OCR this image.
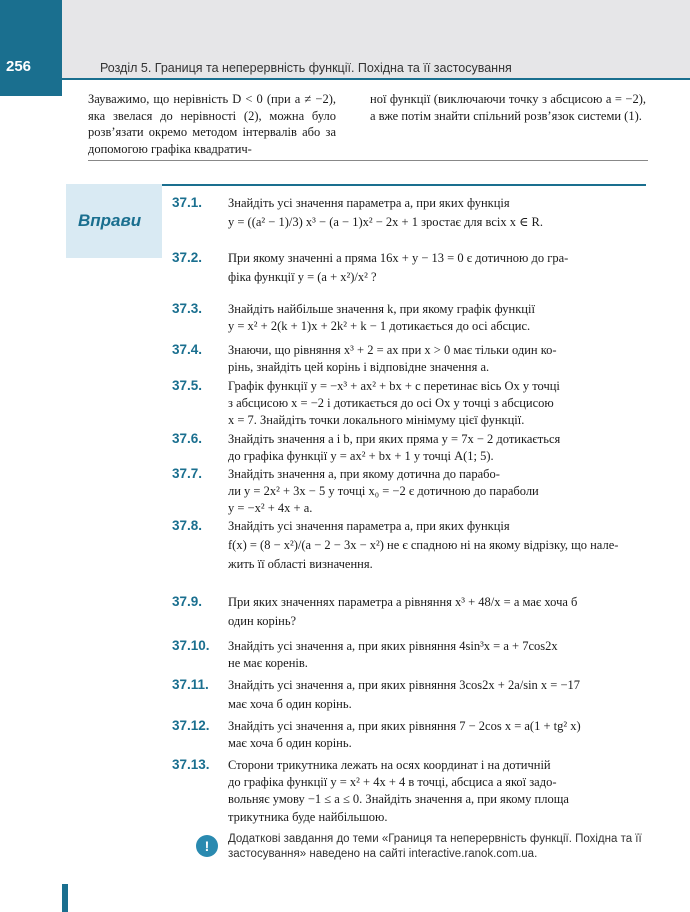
256	Розділ 5. Границя та неперервність функції. Похідна та її застосування

Зауважимо, що нерівність D < 0 (при a ≠ −2), яка звелася до нерівності (2), можна було розв’язати окремо методом інтервалів або за допомогою графіка квадратич-

ної функції (виключаючи точку з абсцисою a = −2), а вже потім знайти спільний розв’язок системи (1).

Вправи
37.1.	Знайдіть усі значення параметра a, при яких функція

y = ((a² − 1)/3) x³ − (a − 1)x² − 2x + 1 зростає для всіх x ∈ R.

37.2.	При якому значенні a пряма 16x + y − 13 = 0 є дотичною до гра-

фіка функції y = (a + x²)/x² ?

37.3.	Знайдіть найбільше значення k, при якому графік функції

y = x² + 2(k + 1)x + 2k² + k − 1 дотикається до осі абсцис.

37.4.	Знаючи, що рівняння x³ + 2 = ax при x > 0 має тільки один ко-

рінь, знайдіть цей корінь і відповідне значення a.

37.5.	Графік функції y = −x³ + ax² + bx + c перетинає вісь Ox у точці

з абсцисою x = −2 і дотикається до осі Ox у точці з абсцисою

x = 7. Знайдіть точки локального мінімуму цієї функції.

37.6.	Знайдіть значення a і b, при яких пряма y = 7x − 2 дотикається

до графіка функції y = ax² + bx + 1 у точці A(1; 5).

37.7.	Знайдіть значення a, при якому дотична до парабо-

ли y = 2x² + 3x − 5 у точці x₀ = −2 є дотичною до параболи

y = −x² + 4x + a.

37.8.	Знайдіть усі значення параметра a, при яких функція

f(x) = (8 − x²)/(a − 2 − 3x − x²) не є спадною ні на якому відрізку, що нале-

жить її області визначення.

37.9.	При яких значеннях параметра a рівняння x³ + 48/x = a має хоча б

один корінь?

37.10.	Знайдіть усі значення a, при яких рівняння 4sin³x = a + 7cos2x

не має коренів.

37.11.	Знайдіть усі значення a, при яких рівняння 3cos2x + 2a/sin x = −17

має хоча б один корінь.

37.12.	Знайдіть усі значення a, при яких рівняння 7 − 2cos x = a(1 + tg² x)

має хоча б один корінь.

37.13.	Сторони трикутника лежать на осях координат і на дотичній

до графіка функції y = x² + 4x + 4 в точці, абсциса a якої задо-

вольняє умову −1 ≤ a ≤ 0. Знайдіть значення a, при якому площа

трикутника буде найбільшою.

!	Додаткові завдання до теми «Границя та неперервність функції. Похідна та її застосування» наведено на сайті interactive.ranok.com.ua.
